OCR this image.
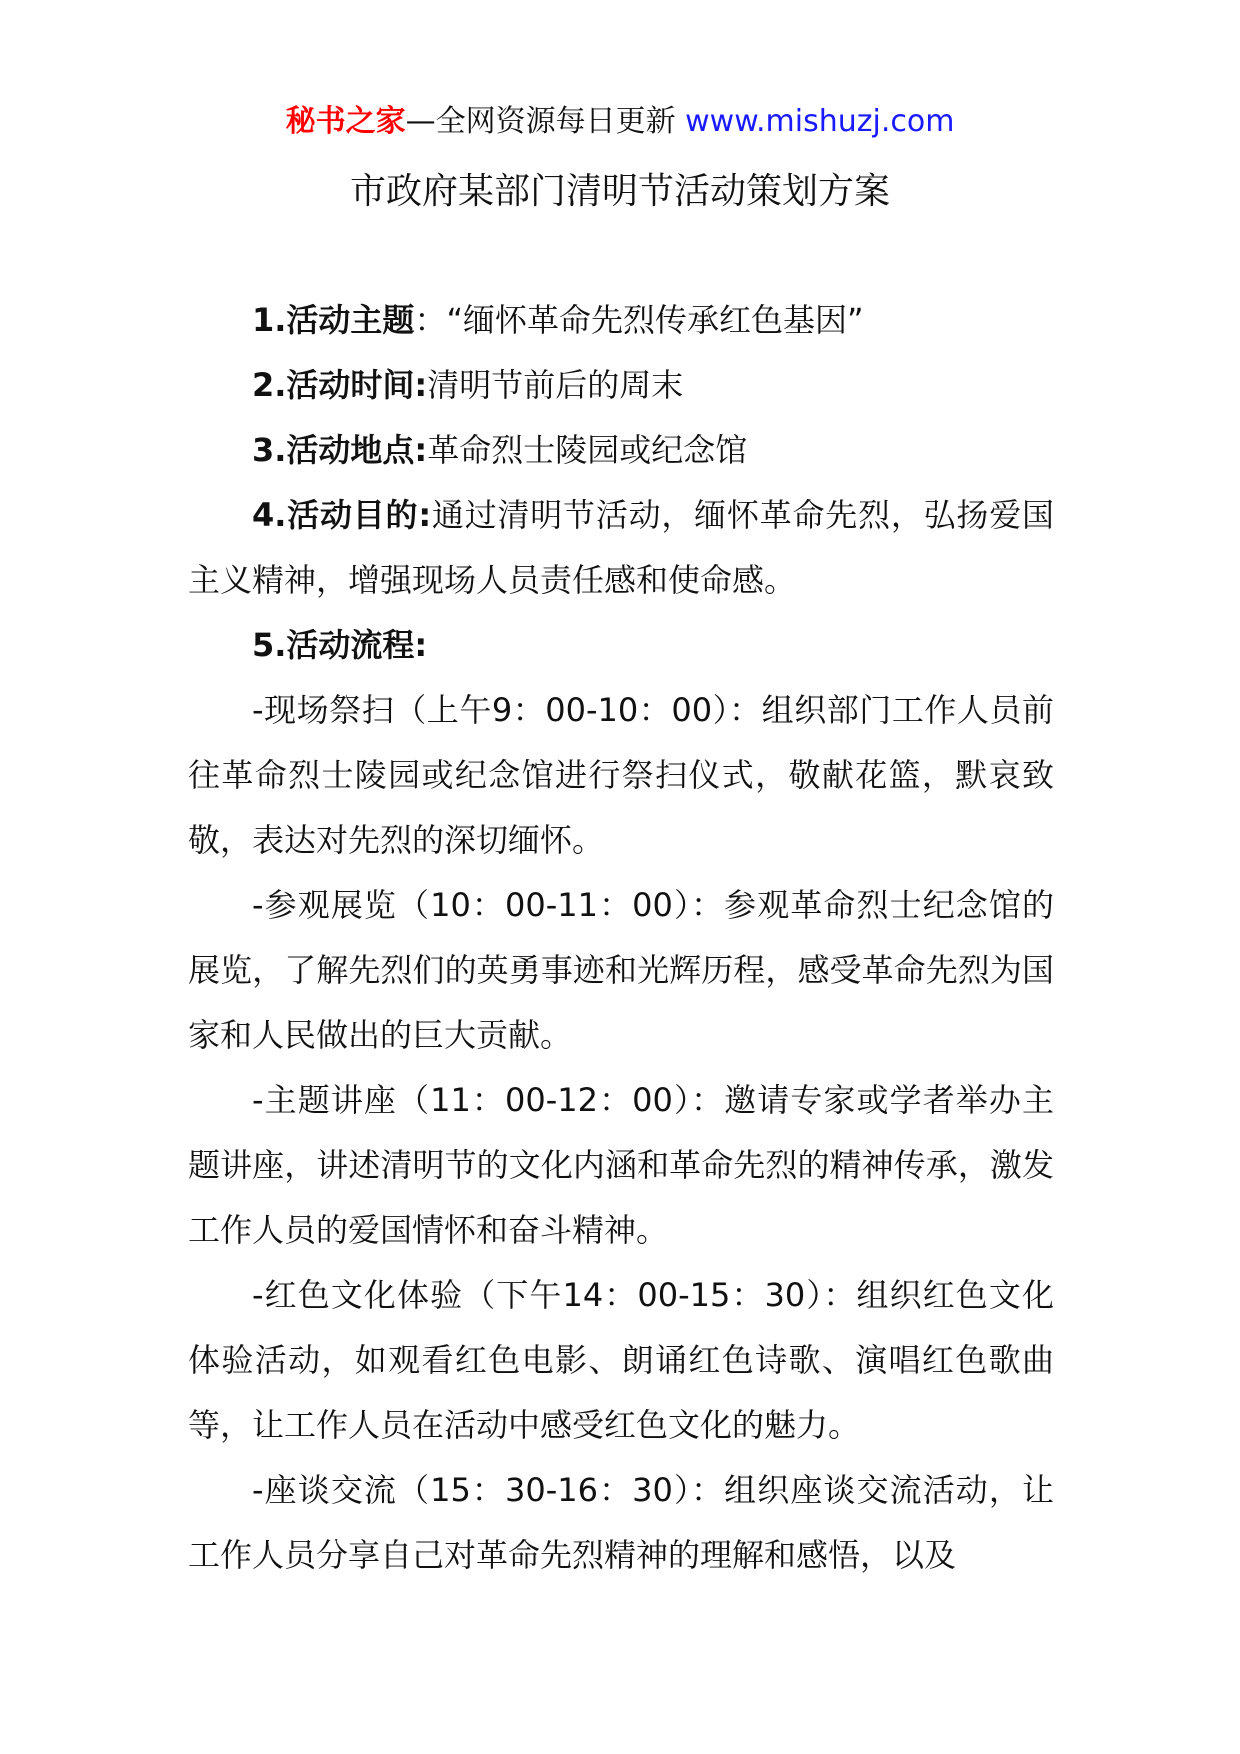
秘书之家—全网资源每日更新 www.mishuzj.com
市政府某部门清明节活动策划方案

1.活动主题：“缅怀革命先烈传承红色基因”

2.活动时间:清明节前后的周末

3.活动地点:革命烈士陵园或纪念馆

4.活动目的:通过清明节活动，缅怀革命先烈，弘扬爱国主义精神，增强现场人员责任感和使命感。

5.活动流程:

-现场祭扫（上午9：00-10：00）：组织部门工作人员前往革命烈士陵园或纪念馆进行祭扫仪式，敬献花篮，默哀致敬，表达对先烈的深切缅怀。

-参观展览（10：00-11：00）：参观革命烈士纪念馆的展览，了解先烈们的英勇事迹和光辉历程，感受革命先烈为国家和人民做出的巨大贡献。

-主题讲座（11：00-12：00）：邀请专家或学者举办主题讲座，讲述清明节的文化内涵和革命先烈的精神传承，激发工作人员的爱国情怀和奋斗精神。

-红色文化体验（下午14：00-15：30）：组织红色文化体验活动，如观看红色电影、朗诵红色诗歌、演唱红色歌曲等，让工作人员在活动中感受红色文化的魅力。

-座谈交流（15：30-16：30）：组织座谈交流活动，让工作人员分享自己对革命先烈精神的理解和感悟，以及
